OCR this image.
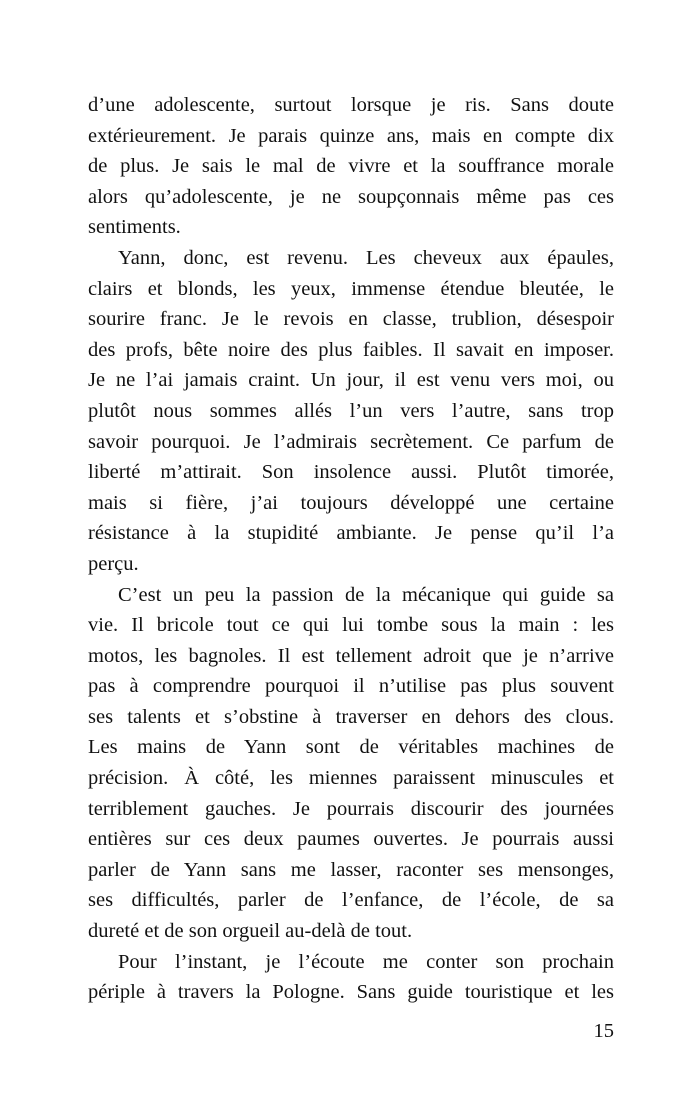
d’une adolescente, surtout lorsque je ris. Sans doute
extérieurement. Je parais quinze ans, mais en compte dix
de plus. Je sais le mal de vivre et la souffrance morale
alors qu’adolescente, je ne soupçonnais même pas ces
sentiments.
Yann, donc, est revenu. Les cheveux aux épaules,
clairs et blonds, les yeux, immense étendue bleutée, le
sourire franc. Je le revois en classe, trublion, désespoir
des profs, bête noire des plus faibles. Il savait en imposer.
Je ne l’ai jamais craint. Un jour, il est venu vers moi, ou
plutôt nous sommes allés l’un vers l’autre, sans trop
savoir pourquoi. Je l’admirais secrètement. Ce parfum de
liberté m’attirait. Son insolence aussi. Plutôt timorée,
mais si fière, j’ai toujours développé une certaine
résistance à la stupidité ambiante. Je pense qu’il l’a
perçu.
C’est un peu la passion de la mécanique qui guide sa
vie. Il bricole tout ce qui lui tombe sous la main : les
motos, les bagnoles. Il est tellement adroit que je n’arrive
pas à comprendre pourquoi il n’utilise pas plus souvent
ses talents et s’obstine à traverser en dehors des clous.
Les mains de Yann sont de véritables machines de
précision. À côté, les miennes paraissent minuscules et
terriblement gauches. Je pourrais discourir des journées
entières sur ces deux paumes ouvertes. Je pourrais aussi
parler de Yann sans me lasser, raconter ses mensonges,
ses difficultés, parler de l’enfance, de l’école, de sa
dureté et de son orgueil au-delà de tout.
Pour l’instant, je l’écoute me conter son prochain
périple à travers la Pologne. Sans guide touristique et les
15
